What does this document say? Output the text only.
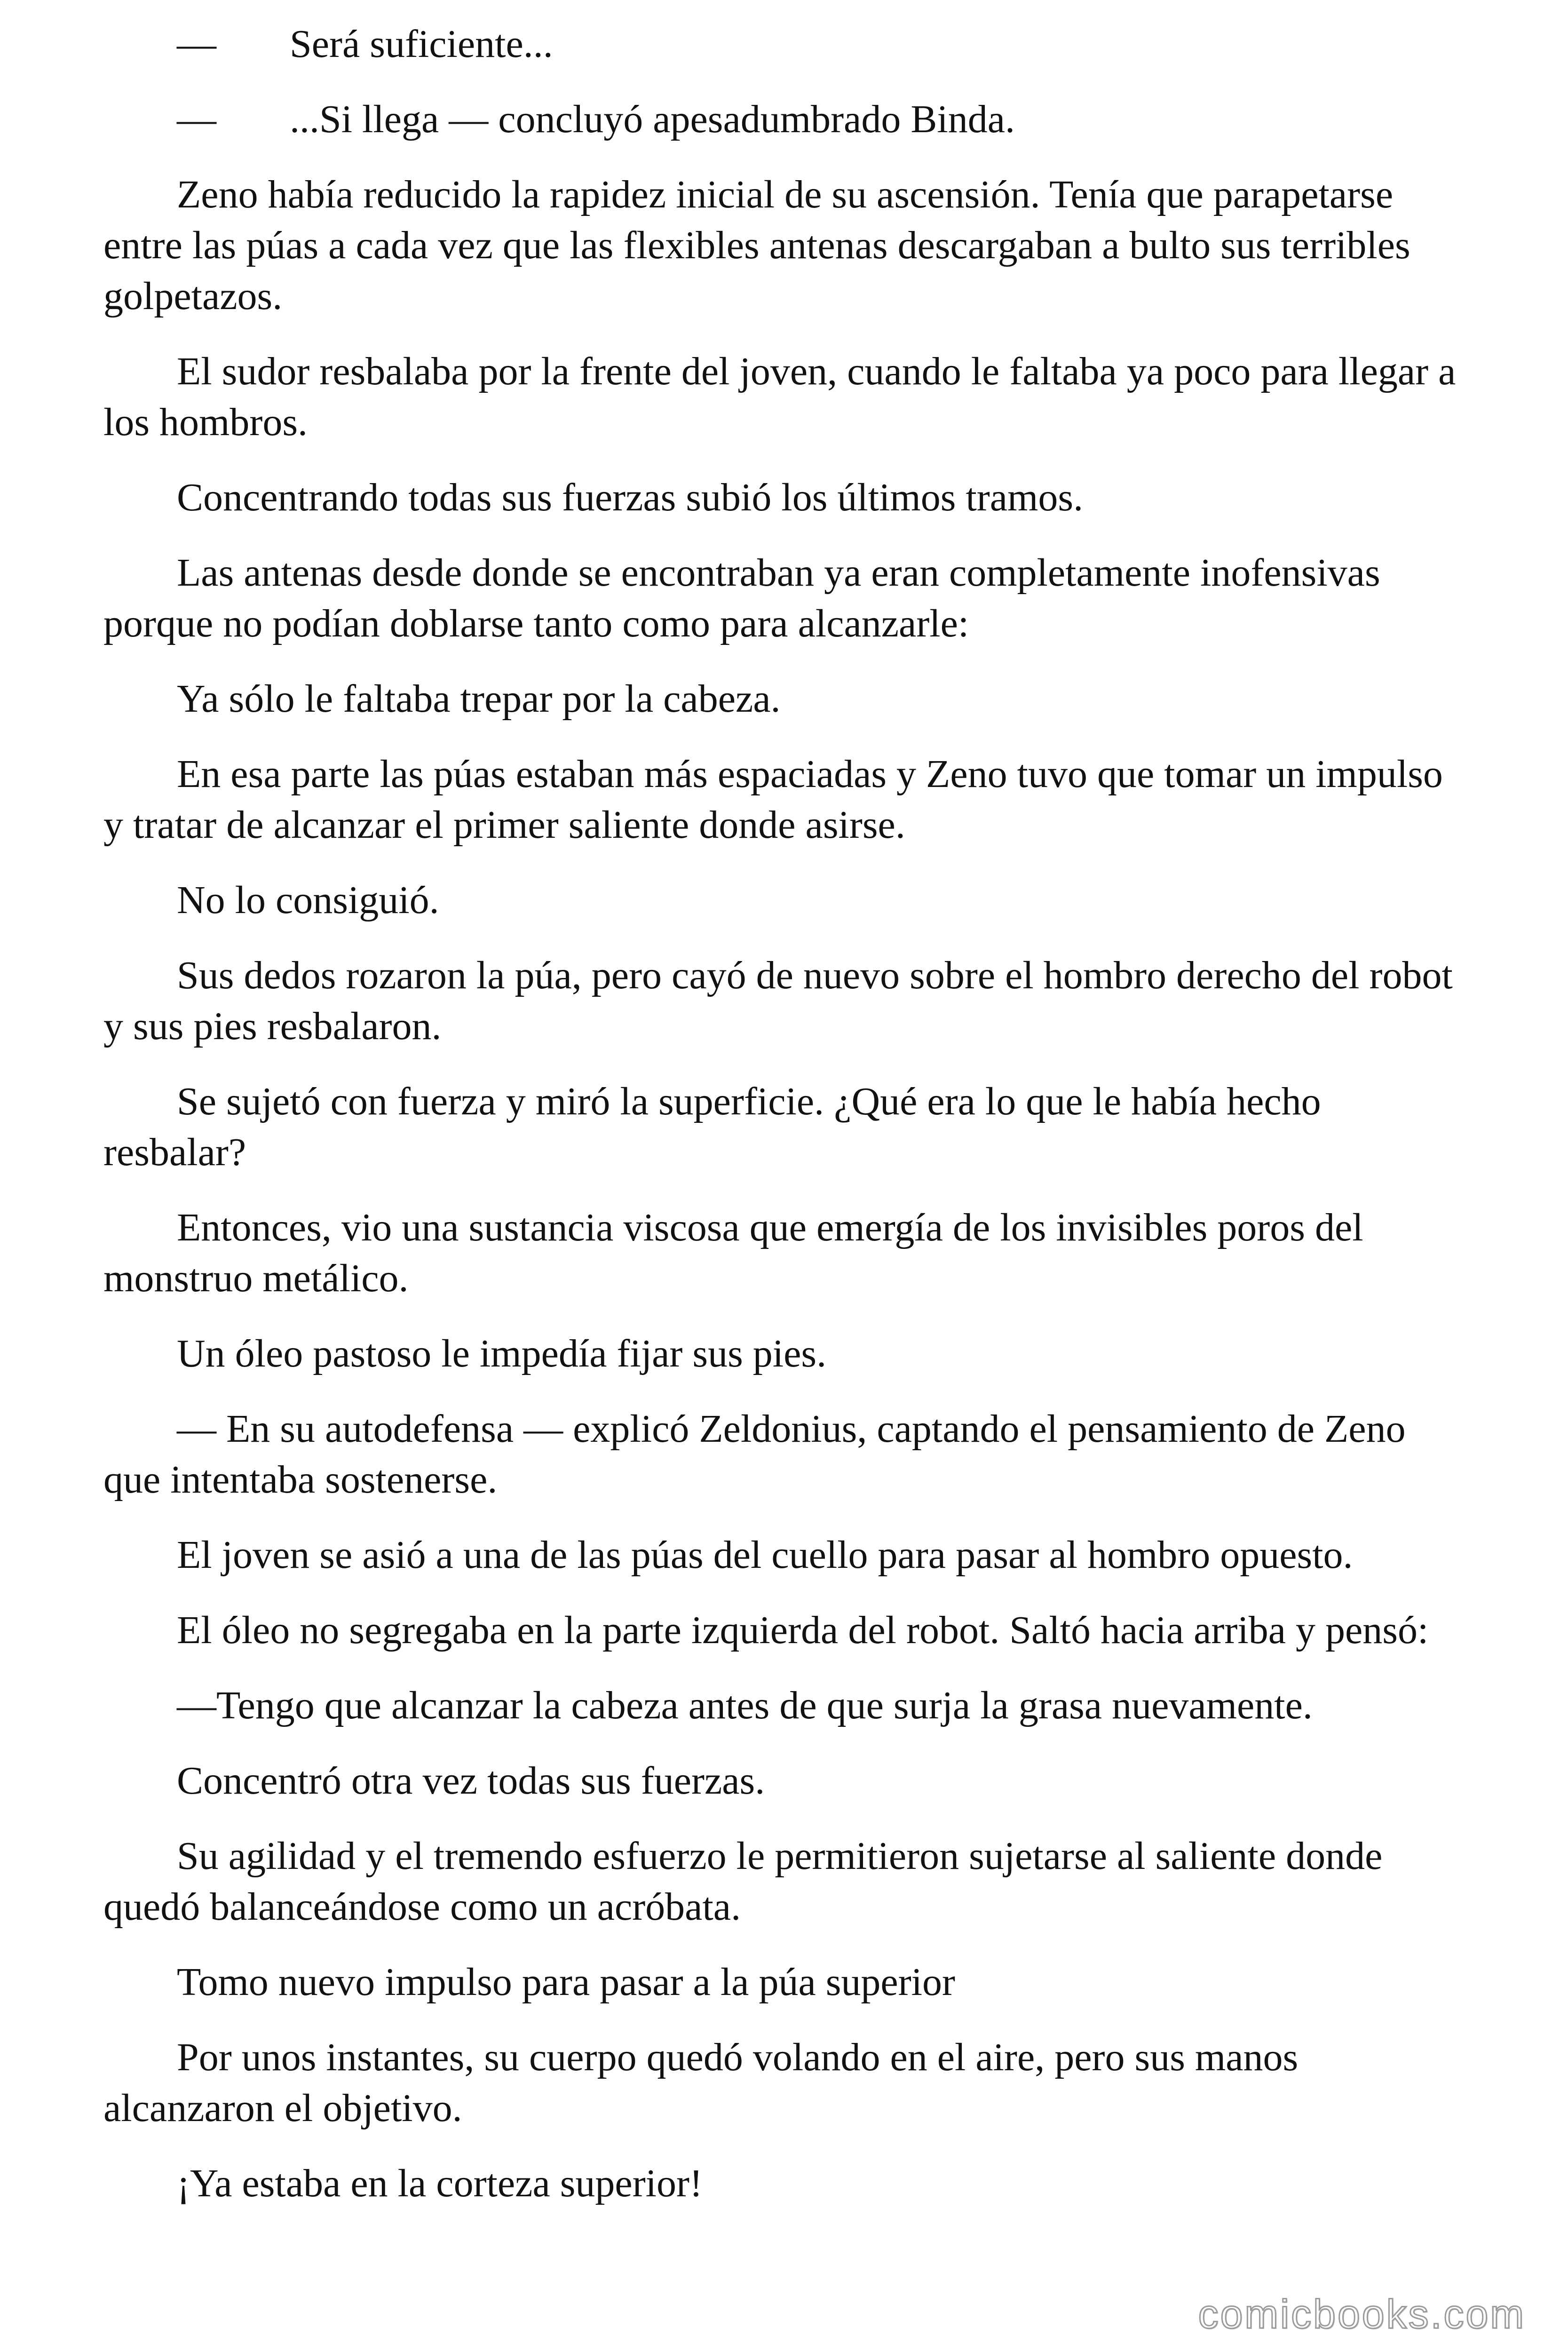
—	Será suficiente...
—	...Si llega — concluyó apesadumbrado Binda.

Zeno había reducido la rapidez inicial de su ascensión. Tenía que parapetarse entre las púas a cada vez que las flexibles antenas descargaban a bulto sus terribles golpetazos.

El sudor resbalaba por la frente del joven, cuando le faltaba ya poco para llegar a los hombros.

Concentrando todas sus fuerzas subió los últimos tramos.

Las antenas desde donde se encontraban ya eran completamente inofensivas porque no podían doblarse tanto como para alcanzarle:

Ya sólo le faltaba trepar por la cabeza.

En esa parte las púas estaban más espaciadas y Zeno tuvo que tomar un impulso y tratar de alcanzar el primer saliente donde asirse.

No lo consiguió.

Sus dedos rozaron la púa, pero cayó de nuevo sobre el hombro derecho del robot y sus pies resbalaron.

Se sujetó con fuerza y miró la superficie. ¿Qué era lo que le había hecho resbalar?

Entonces, vio una sustancia viscosa que emergía de los invisibles poros del monstruo metálico.

Un óleo pastoso le impedía fijar sus pies.

— En su autodefensa — explicó Zeldonius, captando el pensamiento de Zeno que intentaba sostenerse.

El joven se asió a una de las púas del cuello para pasar al hombro opuesto.

El óleo no segregaba en la parte izquierda del robot. Saltó hacia arriba y pensó:

—Tengo que alcanzar la cabeza antes de que surja la grasa nuevamente.

Concentró otra vez todas sus fuerzas.

Su agilidad y el tremendo esfuerzo le permitieron sujetarse al saliente donde quedó balanceándose como un acróbata.

Tomo nuevo impulso para pasar a la púa superior

Por unos instantes, su cuerpo quedó volando en el aire, pero sus manos alcanzaron el objetivo.

¡Ya estaba en la corteza superior!

comicbooks.com
